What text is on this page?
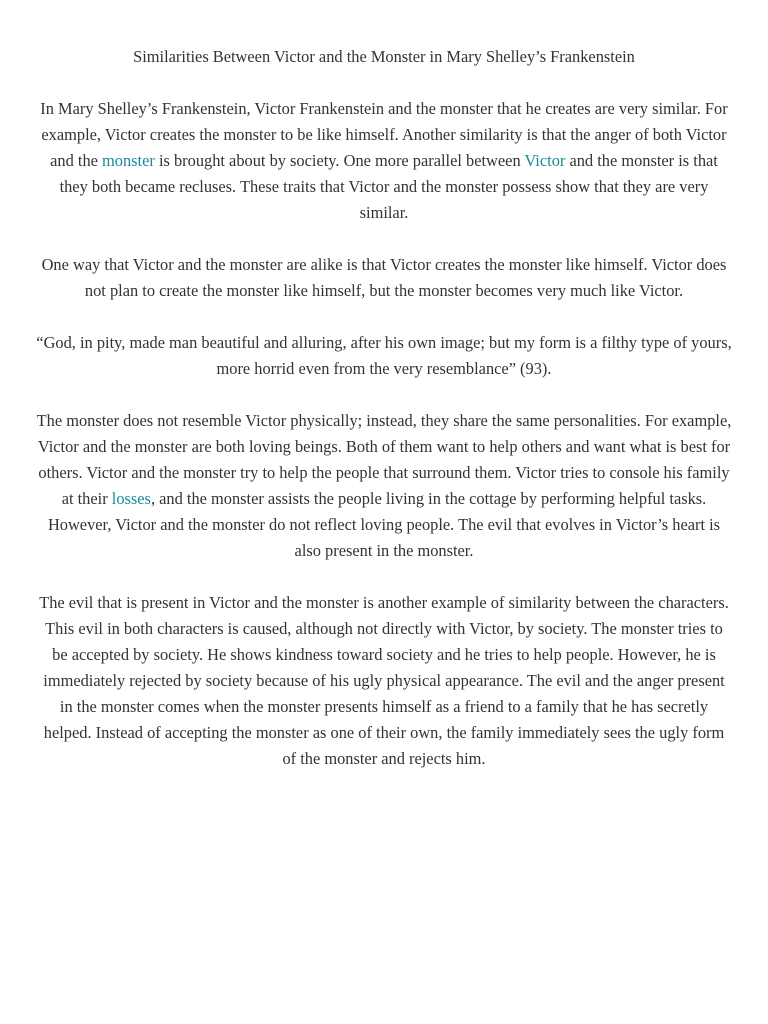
Similarities Between Victor and the Monster in Mary Shelley’s Frankenstein

In Mary Shelley’s Frankenstein, Victor Frankenstein and the monster that he creates are very similar. For example, Victor creates the monster to be like himself. Another similarity is that the anger of both Victor and the monster is brought about by society. One more parallel between Victor and the monster is that they both became recluses. These traits that Victor and the monster possess show that they are very similar.

One way that Victor and the monster are alike is that Victor creates the monster like himself. Victor does not plan to create the monster like himself, but the monster becomes very much like Victor.

“God, in pity, made man beautiful and alluring, after his own image; but my form is a filthy type of yours, more horrid even from the very resemblance” (93).

The monster does not resemble Victor physically; instead, they share the same personalities. For example, Victor and the monster are both loving beings. Both of them want to help others and want what is best for others. Victor and the monster try to help the people that surround them. Victor tries to console his family at their losses, and the monster assists the people living in the cottage by performing helpful tasks. However, Victor and the monster do not reflect loving people. The evil that evolves in Victor’s heart is also present in the monster.

The evil that is present in Victor and the monster is another example of similarity between the characters. This evil in both characters is caused, although not directly with Victor, by society. The monster tries to be accepted by society. He shows kindness toward society and he tries to help people. However, he is immediately rejected by society because of his ugly physical appearance. The evil and the anger present in the monster comes when the monster presents himself as a friend to a family that he has secretly helped. Instead of accepting the monster as one of their own, the family immediately sees the ugly form of the monster and rejects him.
